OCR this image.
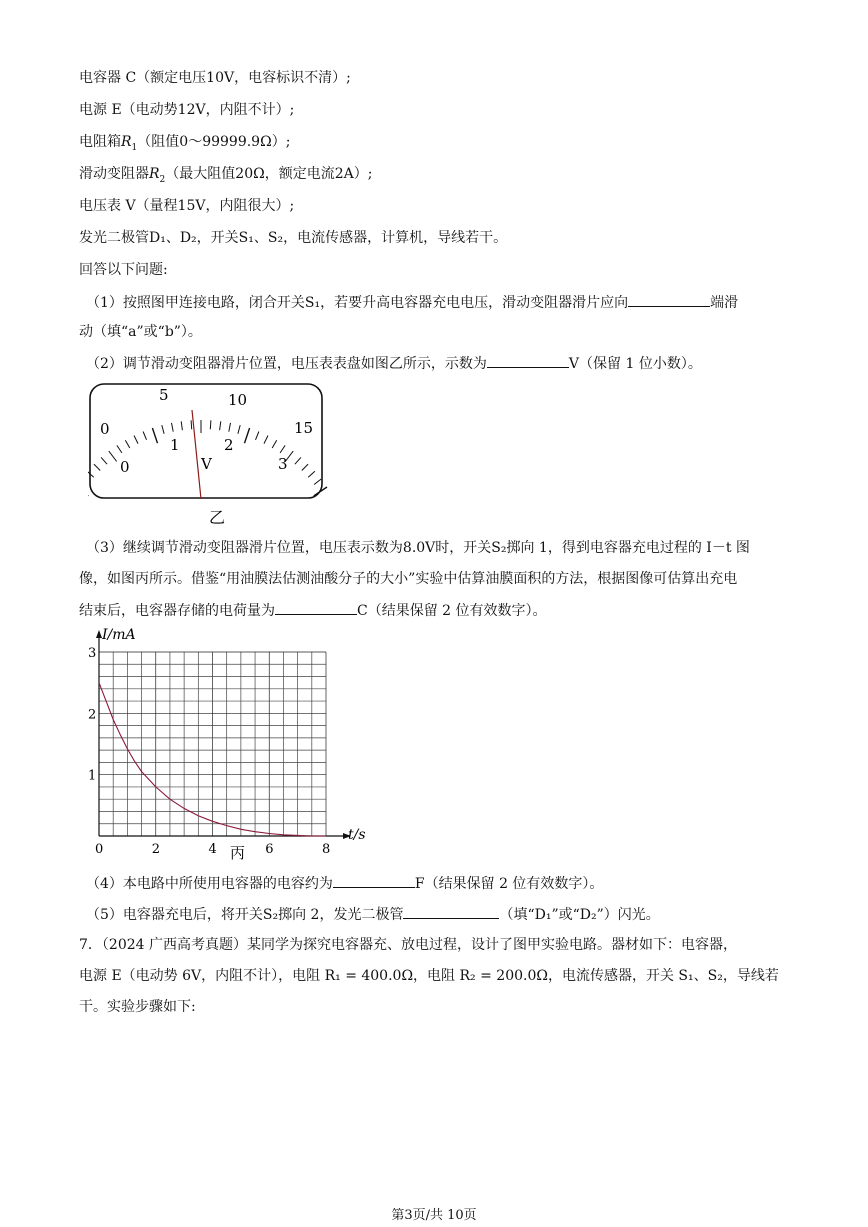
电容器 C（额定电压10V，电容标识不清）;
电源 E（电动势12V，内阻不计）;
电阻箱$R_1$（阻值0～99999.9Ω）;
滑动变阻器$R_2$（最大阻值20Ω，额定电流2A）;
电压表 V（量程15V，内阻很大）;
发光二极管D₁、D₂，开关S₁、S₂，电流传感器，计算机，导线若干。
回答以下问题:
（1）按照图甲连接电路，闭合开关S₁，若要升高电容器充电电压，滑动变阻器滑片应向	端滑
动（填“a”或“b”）。
（2）调节滑动变阻器滑片位置，电压表表盘如图乙所示，示数为	V（保留 1 位小数）。
0
5	10
15
0
1	2
3
V
乙
（3）继续调节滑动变阻器滑片位置，电压表示数为8.0V时，开关S₂掷向 1，得到电容器充电过程的 I－t 图
像，如图丙所示。借鉴“用油膜法估测油酸分子的大小”实验中估算油膜面积的方法，根据图像可估算出充电
结束后，电容器存储的电荷量为	C（结果保留 2 位有效数字）。
0	2	4	6	8
1
2
3
I/mA
t/s
丙
（4）本电路中所使用电容器的电容约为	F（结果保留 2 位有效数字）。
（5）电容器充电后，将开关S₂掷向 2，发光二极管	（填“D₁”或“D₂”）闪光。
7．（2024 广西高考真题）某同学为探究电容器充、放电过程，设计了图甲实验电路。器材如下：电容器，
电源 E（电动势 6V，内阻不计），电阻 R₁ = 400.0Ω，电阻 R₂ = 200.0Ω，电流传感器，开关 S₁、S₂，导线若
干。实验步骤如下:
第3页/共 10页
